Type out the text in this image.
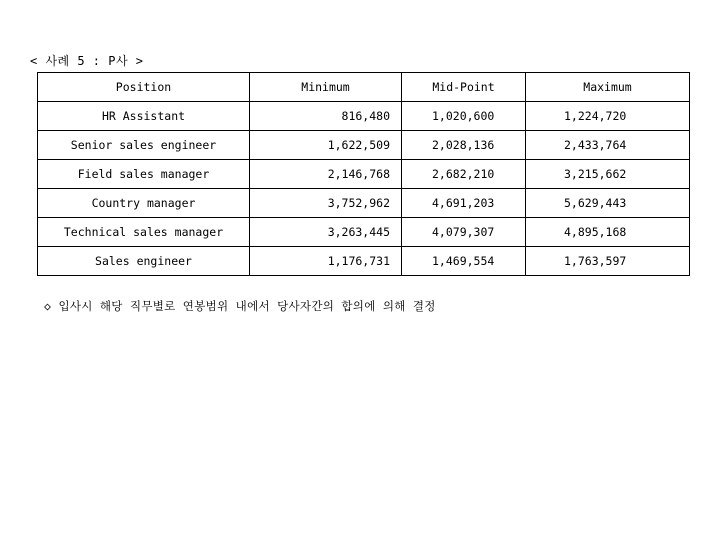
< 사례 5 : P사 >
Position	Minimum	Mid-Point	Maximum
HR Assistant	816,480	1,020,600	1,224,720
Senior sales engineer	1,622,509	2,028,136	2,433,764
Field sales manager	2,146,768	2,682,210	3,215,662
Country manager	3,752,962	4,691,203	5,629,443
Technical sales manager	3,263,445	4,079,307	4,895,168
Sales engineer	1,176,731	1,469,554	1,763,597
◇ 입사시 해당 직무별로 연봉범위 내에서 당사자간의 합의에 의해 결정
